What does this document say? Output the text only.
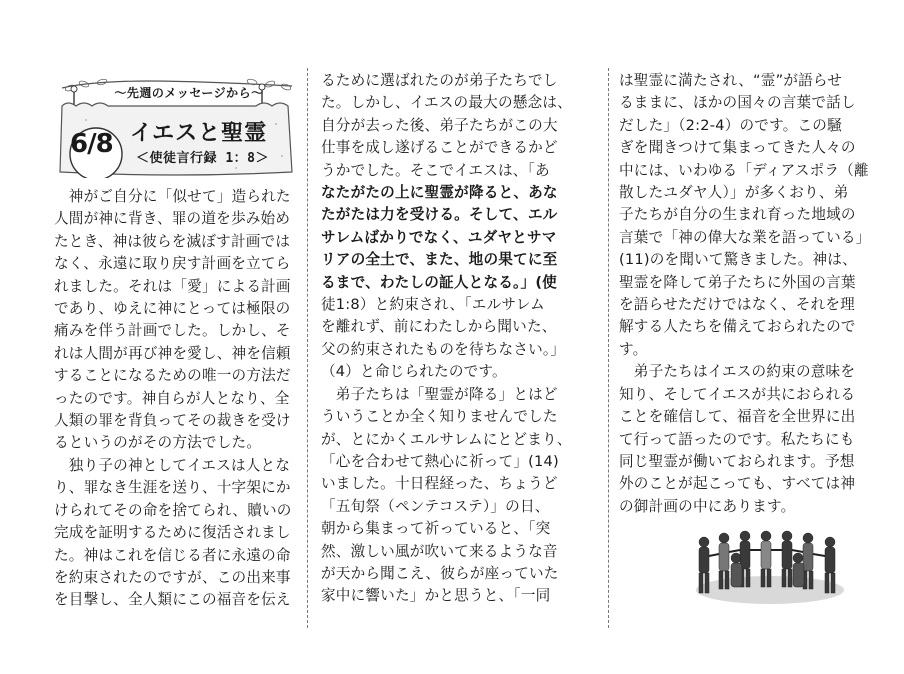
～先週のメッセージから～
6/8 イエスと聖霊
＜使徒言行録 1：8＞

　神がご自分に「似せて」造られた

人間が神に背き、罪の道を歩み始め

たとき、神は彼らを滅ぼす計画では

なく、永遠に取り戻す計画を立てら

れました。それは「愛」による計画

であり、ゆえに神にとっては極限の

痛みを伴う計画でした。しかし、そ

れは人間が再び神を愛し、神を信頼

することになるための唯一の方法だ

ったのです。神自らが人となり、全

人類の罪を背負ってその裁きを受け

るというのがその方法でした。

　独り子の神としてイエスは人とな

り、罪なき生涯を送り、十字架にか

けられてその命を捨てられ、贖いの

完成を証明するために復活されまし

た。神はこれを信じる者に永遠の命

を約束されたのですが、この出来事

を目撃し、全人類にこの福音を伝え

るために選ばれたのが弟子たちでし

た。しかし、イエスの最大の懸念は、

自分が去った後、弟子たちがこの大

仕事を成し遂げることができるかど

うかでした。そこでイエスは、「あ

なたがたの上に聖霊が降ると、あな

たがたは力を受ける。そして、エル

サレムばかりでなく、ユダヤとサマ

リアの全土で、また、地の果てに至

るまで、わたしの証人となる。」(使

徒1:8）と約束され、「エルサレム

を離れず、前にわたしから聞いた、

父の約束されたものを待ちなさい。」

（4）と命じられたのです。

　弟子たちは「聖霊が降る」とはど

ういうことか全く知りませんでした

が、とにかくエルサレムにとどまり、

「心を合わせて熱心に祈って」(14)

いました。十日程経った、ちょうど

「五旬祭（ペンテコステ）」の日、

朝から集まって祈っていると、「突

然、激しい風が吹いて来るような音

が天から聞こえ、彼らが座っていた

家中に響いた」かと思うと、「一同

は聖霊に満たされ、“霊”が語らせ

るままに、ほかの国々の言葉で話し

だした」（2:2-4）のです。この騒

ぎを聞きつけて集まってきた人々の

中には、いわゆる「ディアスポラ（離

散したユダヤ人）」が多くおり、弟

子たちが自分の生まれ育った地域の

言葉で「神の偉大な業を語っている」

(11)のを聞いて驚きました。神は、

聖霊を降して弟子たちに外国の言葉

を語らせただけではなく、それを理

解する人たちを備えておられたので

す。

　弟子たちはイエスの約束の意味を

知り、そしてイエスが共におられる

ことを確信して、福音を全世界に出

て行って語ったのです。私たちにも

同じ聖霊が働いておられます。予想

外のことが起こっても、すべては神

の御計画の中にあります。
